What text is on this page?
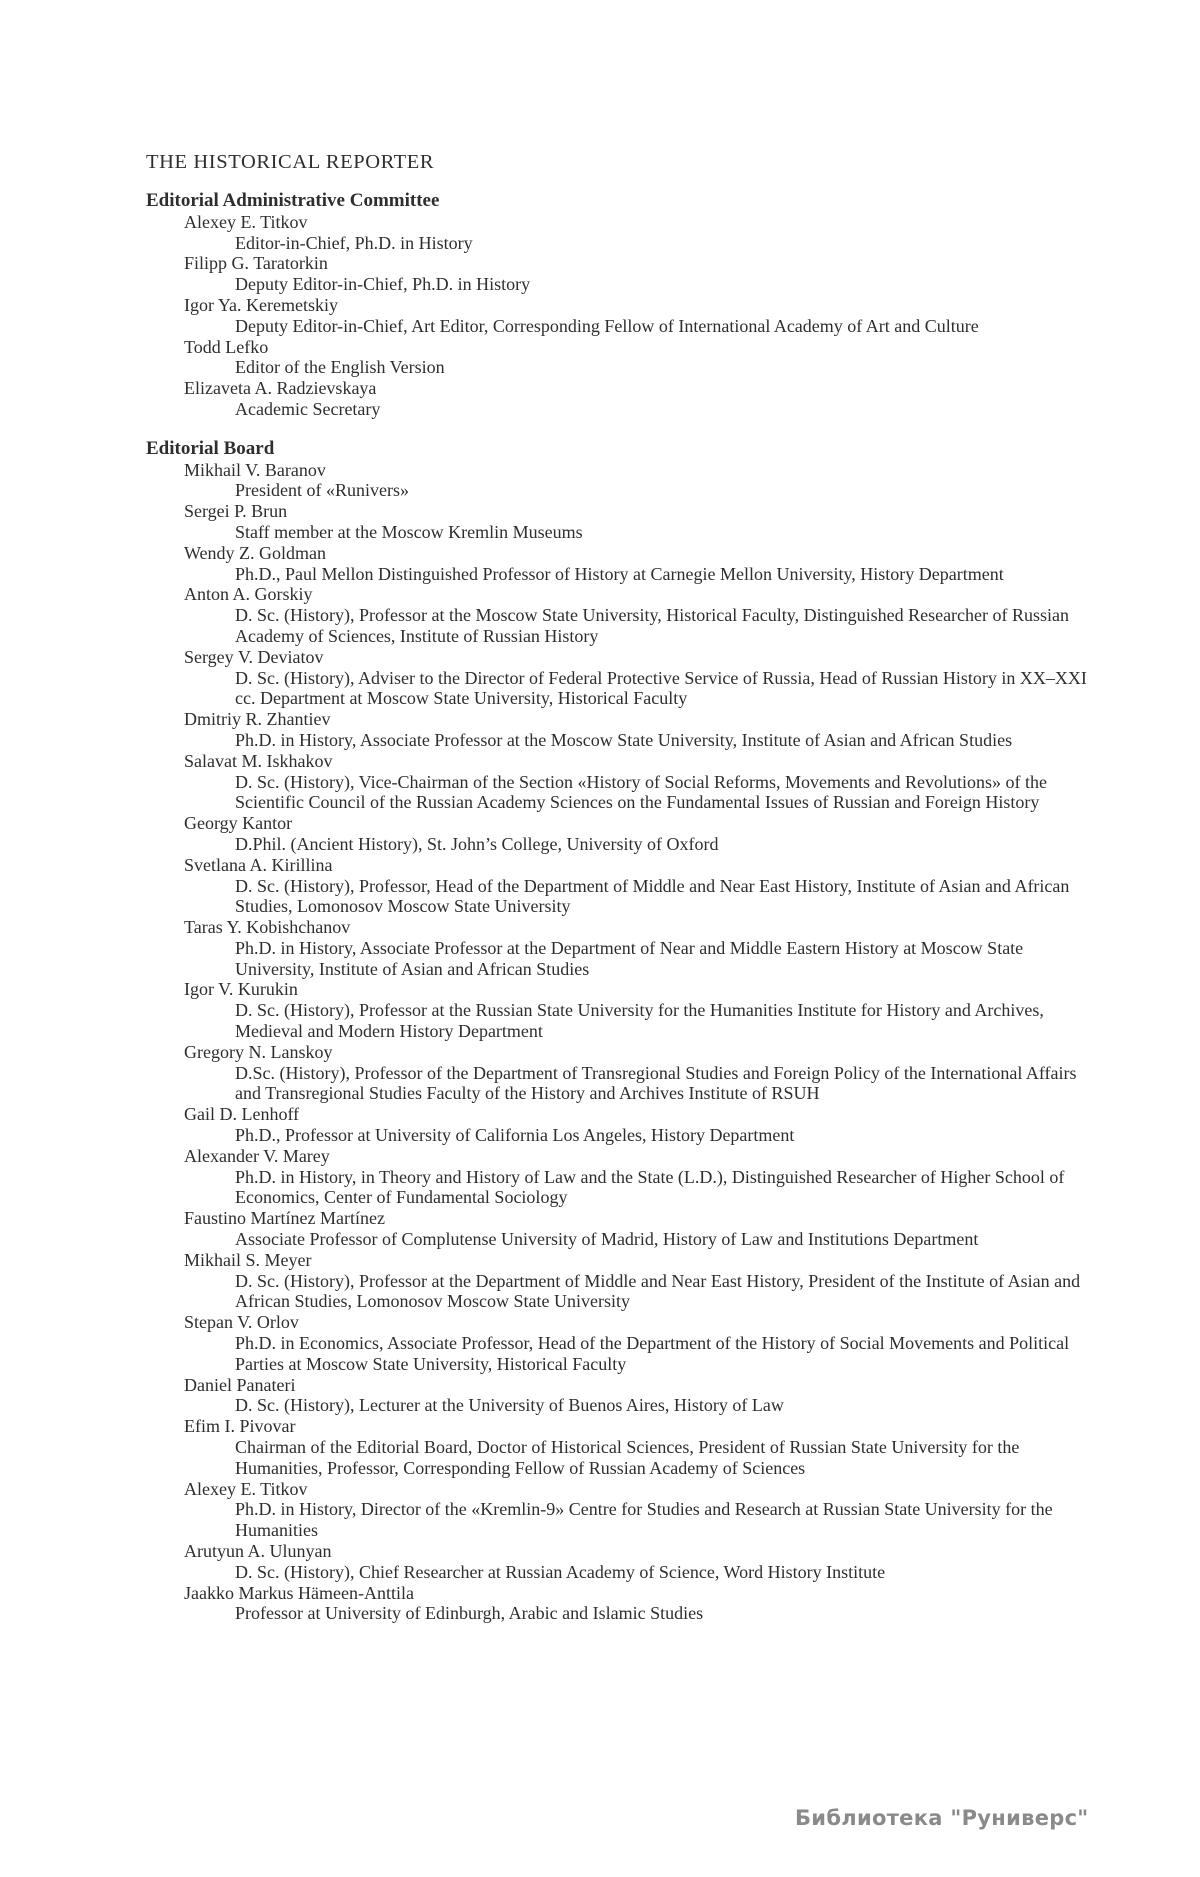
THE HISTORICAL REPORTER
Editorial Administrative Committee
Alexey E. Titkov
Editor-in-Chief, Ph.D. in History
Filipp G. Taratorkin
Deputy Editor-in-Chief, Ph.D. in History
Igor Ya. Keremetskiy
Deputy Editor-in-Chief, Art Editor, Corresponding Fellow of International Academy of Art and Culture
Todd Lefko
Editor of the English Version
Elizaveta A. Radzievskaya
Academic Secretary
Editorial Board
Mikhail V. Baranov
President of «Runivers»
Sergei P. Brun
Staff member at the Moscow Kremlin Museums
Wendy Z. Goldman
Ph.D., Paul Mellon Distinguished Professor of History at Carnegie Mellon University, History Department
Anton A. Gorskiy
D. Sc. (History), Professor at the Moscow State University, Historical Faculty, Distinguished Researcher of Russian Academy of Sciences, Institute of Russian History
Sergey V. Deviatov
D. Sc. (History), Adviser to the Director of Federal Protective Service of Russia, Head of Russian History in XX–XXI cc. Department at Moscow State University, Historical Faculty
Dmitriy R. Zhantiev
Ph.D. in History, Associate Professor at the Moscow State University, Institute of Asian and African Studies
Salavat M. Iskhakov
D. Sc. (History), Vice-Chairman of the Section «History of Social Reforms, Movements and Revolutions» of the Scientific Council of the Russian Academy Sciences on the Fundamental Issues of Russian and Foreign History
Georgy Kantor
D.Phil. (Ancient History), St. John’s College, University of Oxford
Svetlana A. Kirillina
D. Sc. (History), Professor, Head of the Department of Middle and Near East History, Institute of Asian and African Studies, Lomonosov Moscow State University
Taras Y. Kobishchanov
Ph.D. in History, Associate Professor at the Department of Near and Middle Eastern History at Moscow State University, Institute of Asian and African Studies
Igor V. Kurukin
D. Sc. (History), Professor at the Russian State University for the Humanities Institute for History and Archives, Medieval and Modern History Department
Gregory N. Lanskoy
D.Sc. (History), Professor of the Department of Transregional Studies and Foreign Policy of the International Affairs and Transregional Studies Faculty of the History and Archives Institute of RSUH
Gail D. Lenhoff
Ph.D., Professor at University of California Los Angeles, History Department
Alexander V. Marey
Ph.D. in History, in Theory and History of Law and the State (L.D.), Distinguished Researcher of Higher School of Economics, Center of Fundamental Sociology
Faustino Martínez Martínez
Associate Professor of Complutense University of Madrid, History of Law and Institutions Department
Mikhail S. Meyer
D. Sc. (History), Professor at the Department of Middle and Near East History, President of the Institute of Asian and African Studies, Lomonosov Moscow State University
Stepan V. Orlov
Ph.D. in Economics, Associate Professor, Head of the Department of the History of Social Movements and Political Parties at Moscow State University, Historical Faculty
Daniel Panateri
D. Sc. (History), Lecturer at the University of Buenos Aires, History of Law
Efim I. Pivovar
Chairman of the Editorial Board, Doctor of Historical Sciences, President of Russian State University for the Humanities, Professor, Corresponding Fellow of Russian Academy of Sciences
Alexey E. Titkov
Ph.D. in History, Director of the «Kremlin-9» Centre for Studies and Research at Russian State University for the Humanities
Arutyun A. Ulunyan
D. Sc. (History), Chief Researcher at Russian Academy of Science, Word History Institute
Jaakko Markus Hämeen-Anttila
Professor at University of Edinburgh, Arabic and Islamic Studies
Библиотека "Руниверс"
